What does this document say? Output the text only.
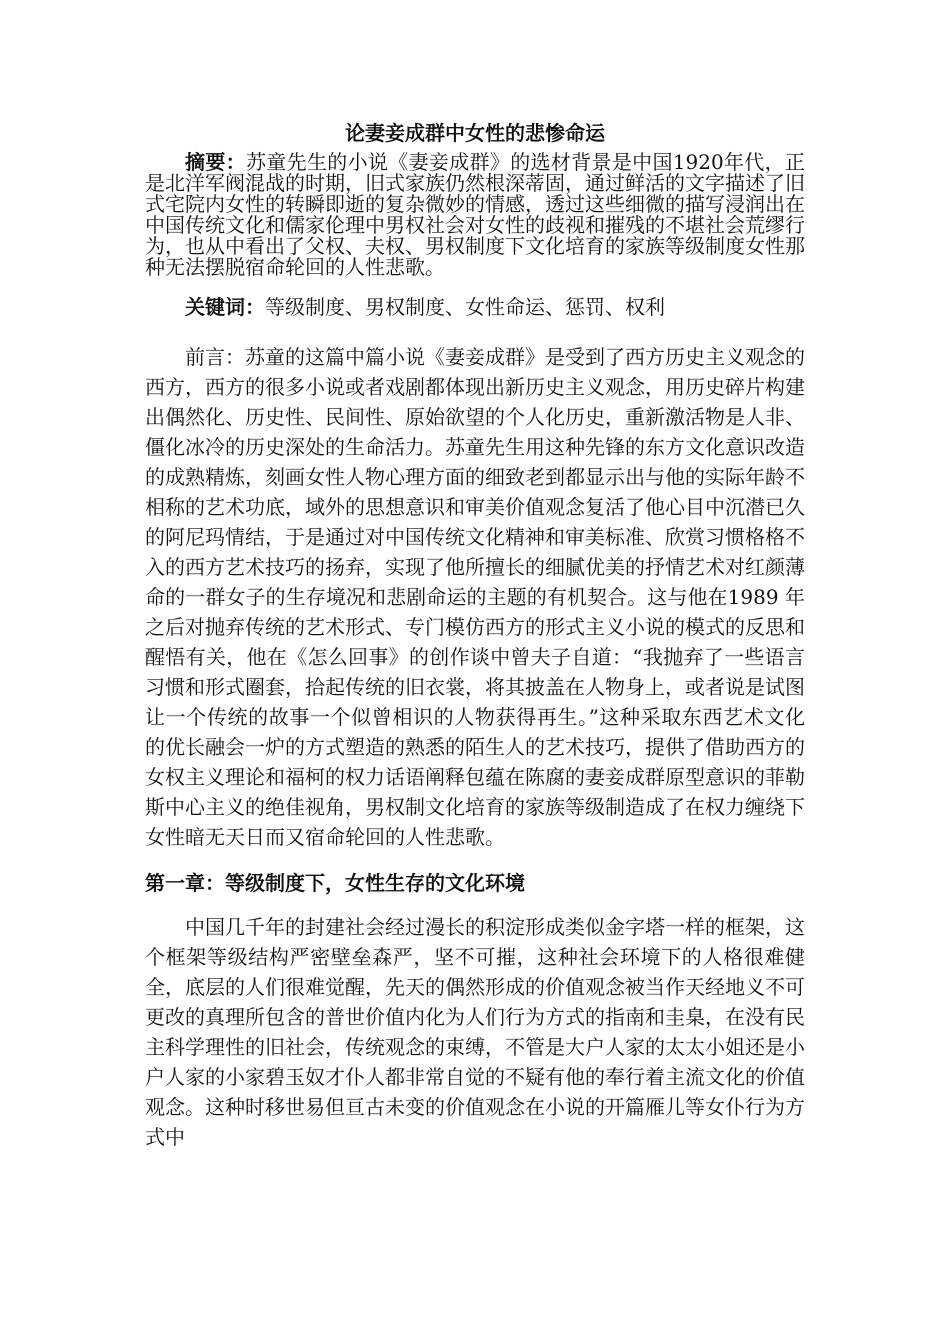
论妻妾成群中女性的悲惨命运

摘要：苏童先生的小说《妻妾成群》的选材背景是中国1920年代，正是北洋军阀混战的时期，旧式家族仍然根深蒂固，通过鲜活的文字描述了旧式宅院内女性的转瞬即逝的复杂微妙的情感，透过这些细微的描写浸润出在中国传统文化和儒家伦理中男权社会对女性的歧视和摧残的不堪社会荒缪行为，也从中看出了父权、夫权、男权制度下文化培育的家族等级制度女性那种无法摆脱宿命轮回的人性悲歌。

关键词：等级制度、男权制度、女性命运、惩罚、权利

前言：苏童的这篇中篇小说《妻妾成群》是受到了西方历史主义观念的西方，西方的很多小说或者戏剧都体现出新历史主义观念，用历史碎片构建出偶然化、历史性、民间性、原始欲望的个人化历史，重新激活物是人非、僵化冰冷的历史深处的生命活力。苏童先生用这种先锋的东方文化意识改造的成熟精炼，刻画女性人物心理方面的细致老到都显示出与他的实际年龄不相称的艺术功底，域外的思想意识和审美价值观念复活了他心目中沉潜已久的阿尼玛情结，于是通过对中国传统文化精神和审美标准、欣赏习惯格格不入的西方艺术技巧的扬弃，实现了他所擅长的细腻优美的抒情艺术对红颜薄命的一群女子的生存境况和悲剧命运的主题的有机契合。这与他在1989 年之后对抛弃传统的艺术形式、专门模仿西方的形式主义小说的模式的反思和醒悟有关，他在《怎么回事》的创作谈中曾夫子自道：“我抛弃了一些语言习惯和形式圈套，拾起传统的旧衣裳，将其披盖在人物身上，或者说是试图让一个传统的故事一个似曾相识的人物获得再生。”这种采取东西艺术文化的优长融会一炉的方式塑造的熟悉的陌生人的艺术技巧，提供了借助西方的女权主义理论和福柯的权力话语阐释包蕴在陈腐的妻妾成群原型意识的菲勒斯中心主义的绝佳视角，男权制文化培育的家族等级制造成了在权力缠绕下女性暗无天日而又宿命轮回的人性悲歌。

第一章：等级制度下，女性生存的文化环境

中国几千年的封建社会经过漫长的积淀形成类似金字塔一样的框架，这个框架等级结构严密壁垒森严，坚不可摧，这种社会环境下的人格很难健全，底层的人们很难觉醒，先天的偶然形成的价值观念被当作天经地义不可更改的真理所包含的普世价值内化为人们行为方式的指南和圭臬，在没有民主科学理性的旧社会，传统观念的束缚，不管是大户人家的太太小姐还是小户人家的小家碧玉奴才仆人都非常自觉的不疑有他的奉行着主流文化的价值观念。这种时移世易但亘古未变的价值观念在小说的开篇雁儿等女仆行为方式中
